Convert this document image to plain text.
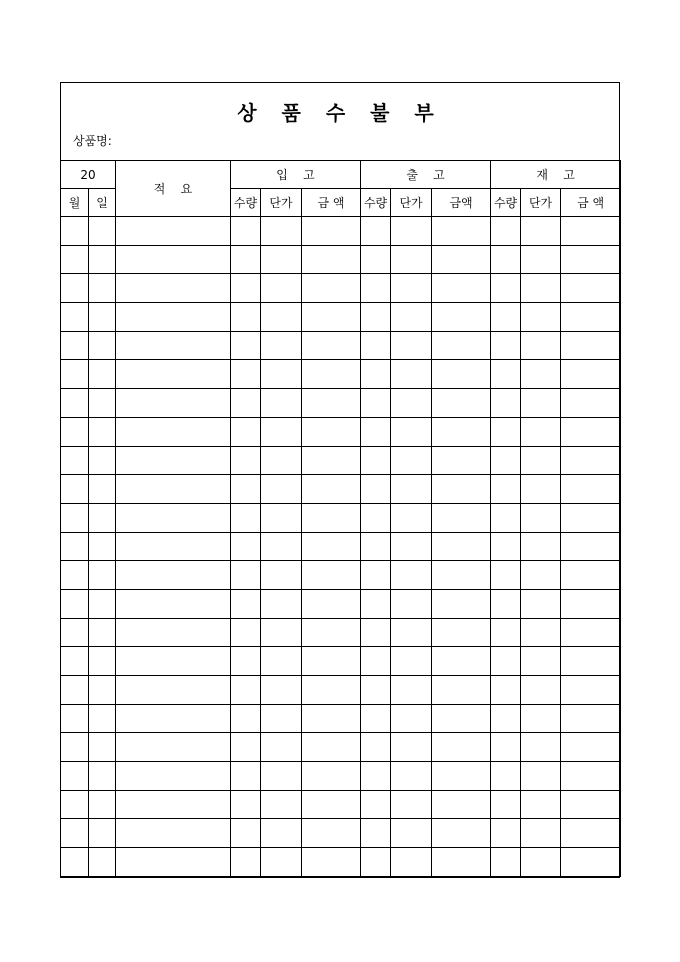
상 품 수 불 부
상품명:
20		적    요	입    고			출    고			재    고		
월	일		수량	단가	금 액	수량	단가	금액	수량	단가	금 액
